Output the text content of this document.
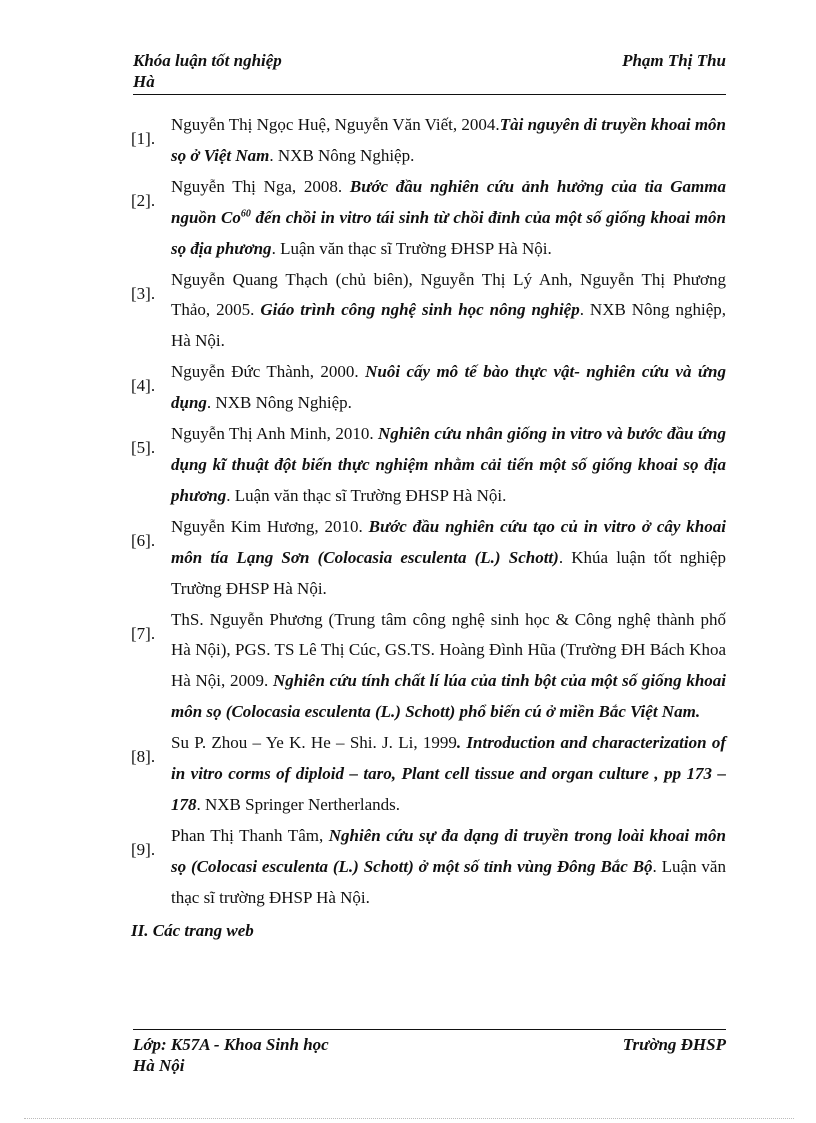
Khóa luận tốt nghiệp	Phạm Thị Thu
Hà
[1].
Nguyễn Thị Ngọc Huệ, Nguyễn Văn Viết, 2004.Tài nguyên di truyền khoai môn sọ ở Việt Nam. NXB Nông Nghiệp.
[2].
Nguyễn Thị Nga, 2008. Bước đầu nghiên cứu ảnh hưởng của tia Gamma nguồn Co$^{60}$ đến chồi in vitro tái sinh từ chồi đỉnh của một số giống khoai môn sọ địa phương. Luận văn thạc sĩ Trường ĐHSP Hà Nội.
[3].
Nguyễn Quang Thạch (chủ biên), Nguyễn Thị Lý Anh, Nguyễn Thị Phương Thảo, 2005. Giáo trình công nghệ sinh học nông nghiệp. NXB Nông nghiệp, Hà Nội.
[4].
Nguyễn Đức Thành, 2000. Nuôi cấy mô tế bào thực vật- nghiên cứu và ứng dụng. NXB Nông Nghiệp.
[5].
Nguyễn Thị Anh Minh, 2010. Nghiên cứu nhân giống in vitro và bước đầu ứng dụng kĩ thuật đột biến thực nghiệm nhằm cải tiến một số giống khoai sọ địa phương. Luận văn thạc sĩ Trường ĐHSP Hà Nội.
[6].
Nguyễn Kim Hương, 2010. Bước đầu nghiên cứu tạo củ in vitro ở cây khoai môn tía Lạng Sơn (Colocasia esculenta (L.) Schott). Khúa luận tốt nghiệp Trường ĐHSP Hà Nội.
[7].
ThS. Nguyễn Phương (Trung tâm công nghệ sinh học & Công nghệ thành phố Hà Nội), PGS. TS Lê Thị Cúc, GS.TS. Hoàng Đình Hũa (Trường ĐH Bách Khoa Hà Nội, 2009. Nghiên cứu tính chất lí lúa của tinh bột của một số giống khoai môn sọ (Colocasia esculenta (L.) Schott) phổ biến cú ở miền Bắc Việt Nam.
[8].
Su P. Zhou – Ye K. He – Shi. J. Li, 1999. Introduction and characterization of in vitro corms of diploid – taro, Plant cell tissue and organ culture , pp 173 – 178. NXB Springer Nertherlands.
[9].
Phan Thị Thanh Tâm, Nghiên cứu sự đa dạng di truyền trong loài khoai môn sọ (Colocasi esculenta (L.) Schott) ở một số tỉnh vùng Đông Bắc Bộ. Luận văn thạc sĩ trường ĐHSP Hà Nội.
II. Các trang web
Lớp: K57A - Khoa Sinh học	Trường ĐHSP
Hà Nội
